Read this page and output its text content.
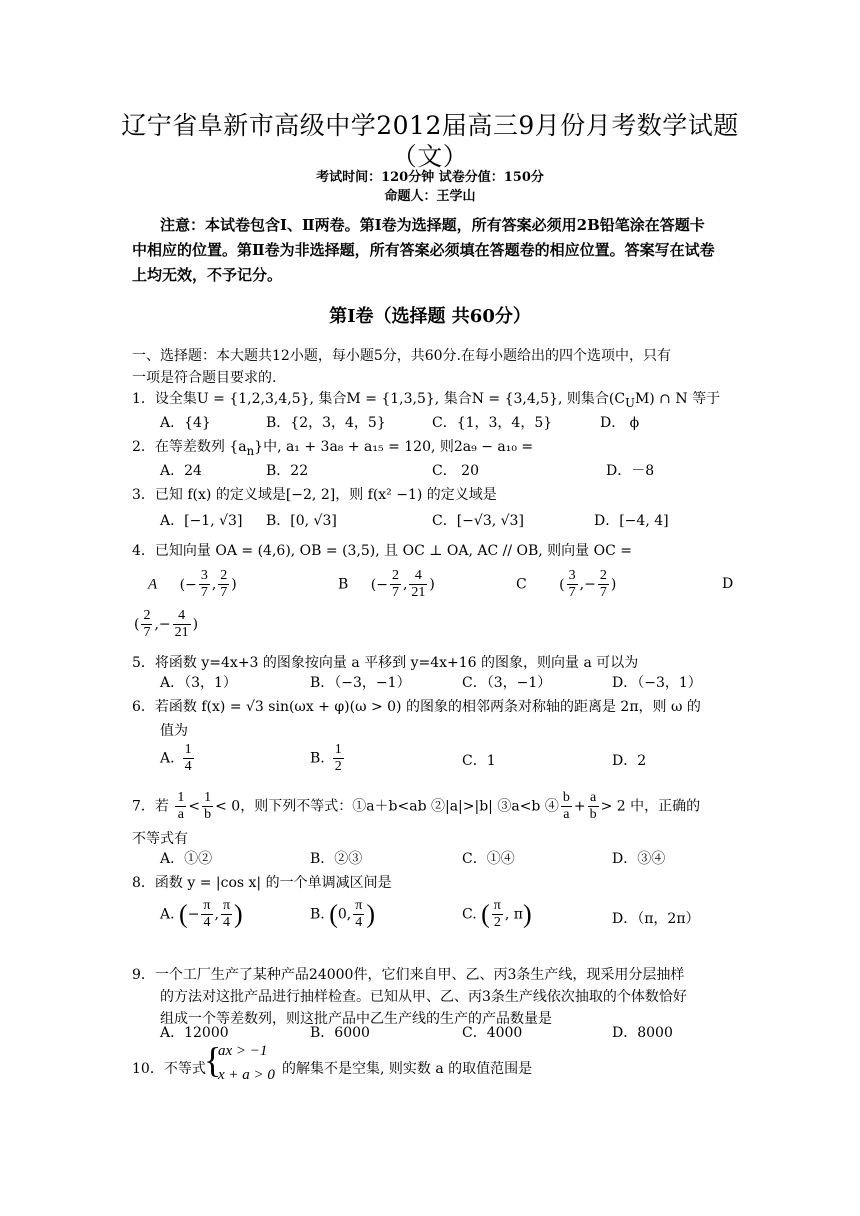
辽宁省阜新市高级中学2012届高三9月份月考数学试题
（文）
考试时间：120分钟 试卷分值：150分
命题人：王学山
注意：本试卷包含Ⅰ、Ⅱ两卷。第Ⅰ卷为选择题，所有答案必须用2B铅笔涂在答题卡
中相应的位置。第Ⅱ卷为非选择题，所有答案必须填在答题卷的相应位置。答案写在试卷
上均无效，不予记分。
第Ⅰ卷（选择题 共60分）
一、选择题：本大题共12小题，每小题5分，共60分.在每小题给出的四个选项中，只有
一项是符合题目要求的.
1．设全集U = {1,2,3,4,5}, 集合M = {1,3,5}, 集合N = {3,4,5}, 则集合$(C_UM)$ ∩ N 等于
A．{4}	B．{2，3，4，5}	C．{1，3，4，5}	D． ϕ
2．在等差数列 $\{a_n\}$中, a₁ + 3a₈ + a₁₅ = 120, 则2a₉ − a₁₀ =
A．24	B．22	C． 20	D．－8
3．已知 f(x) 的定义域是[−2, 2]，则 f(x² −1) 的定义域是
A．[−1, √3] B．[0, √3]	C．[−√3, √3]	D．[−4, 4]
4．已知向量 OA = (4,6), OB = (3,5), 且 OC ⊥ OA, AC // OB, 则向量 OC =
A (− $\frac{3}{7}$ , $\frac{2}{7}$ )	B (− $\frac{2}{7}$ , $\frac{4}{21}$ )	C ( $\frac{3}{7}$ ,− $\frac{2}{7}$ )	D
( $\frac{2}{7}$ ,− $\frac{4}{21}$ )
5．将函数 y=4x+3 的图象按向量 a 平移到 y=4x+16 的图象，则向量 a 可以为
A．（3，1）	B．（−3，−1）	C．（3，−1）	D．（−3，1）
6．若函数 f(x) = √3 sin(ωx + φ)(ω > 0) 的图象的相邻两条对称轴的距离是 2π，则 ω 的
值为
A. $\frac{1}{4}$	B. $\frac{1}{2}$	C．1	D．2
7．若 $\frac{1}{a} < \frac{1}{b} < 0$，则下列不等式：①a＋b<ab ②|a|>|b| ③a<b ④ $\frac{b}{a} + \frac{a}{b} > 2$ 中，正确的
不等式有
A．①②	B．②③	C．①④	D．③④
8．函数 y = |cos x| 的一个单调减区间是
A. (− $\frac{\pi}{4}$ , $\frac{\pi}{4}$ )	B. (0, $\frac{\pi}{4}$ )	C. ( $\frac{\pi}{2}$ , π)	D．（π，2π）
9．一个工厂生产了某种产品24000件，它们来自甲、乙、丙3条生产线，现采用分层抽样
的方法对这批产品进行抽样检查。已知从甲、乙、丙3条生产线依次抽取的个体数恰好
组成一个等差数列，则这批产品中乙生产线的生产的产品数量是
A．12000	B．6000	C．4000	D．8000
10．不等式
{
ax > −1
x + a > 0 的解集不是空集, 则实数 a 的取值范围是
